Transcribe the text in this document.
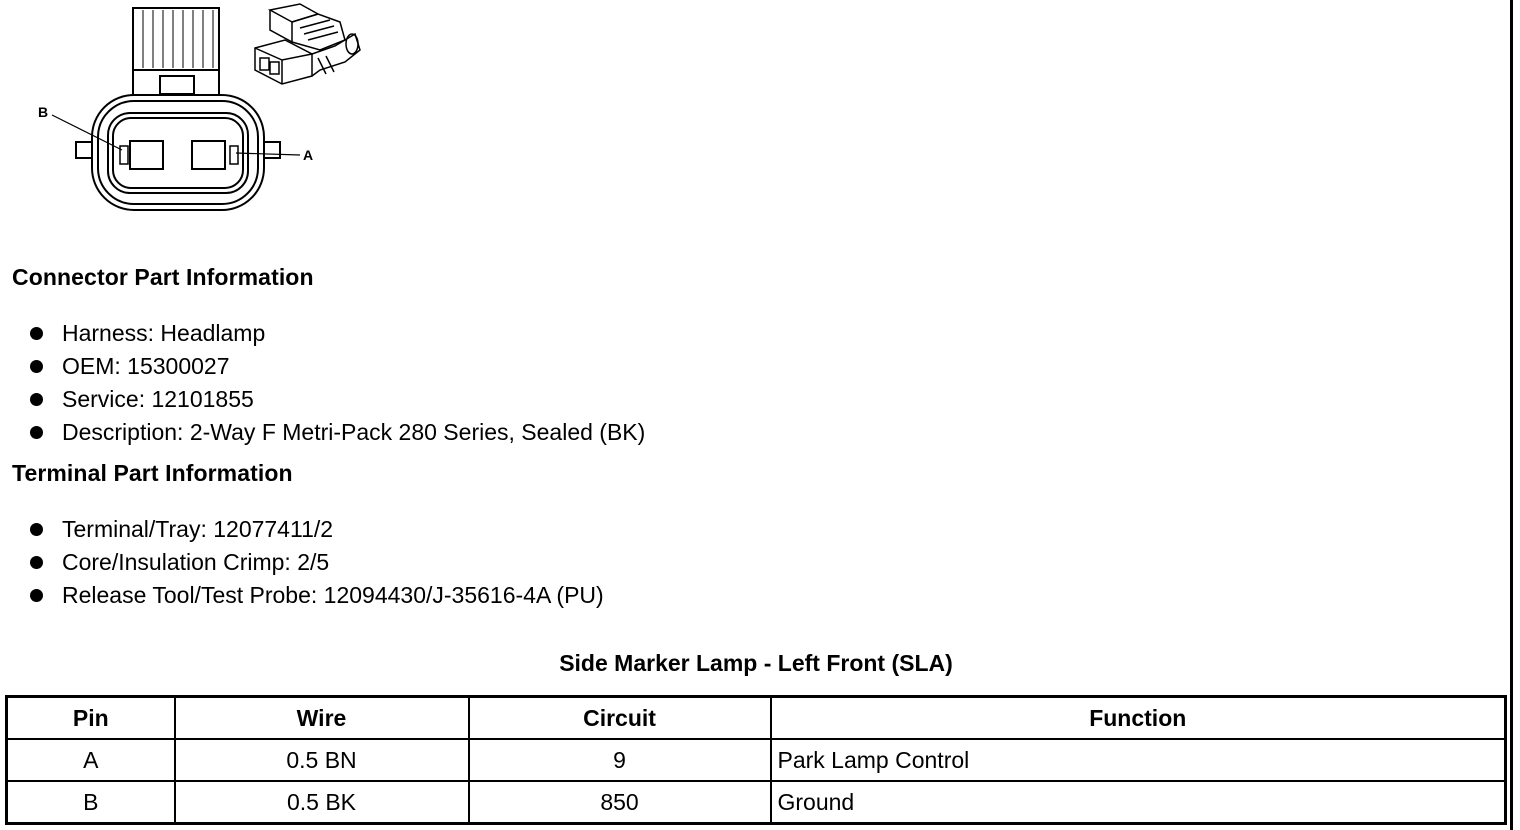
B
A
Connector Part Information
Harness: Headlamp
OEM: 15300027
Service: 12101855
Description: 2-Way F Metri-Pack 280 Series, Sealed (BK)
Terminal Part Information
Terminal/Tray: 12077411/2
Core/Insulation Crimp: 2/5
Release Tool/Test Probe: 12094430/J-35616-4A (PU)
Side Marker Lamp - Left Front (SLA)
Pin	Wire	Circuit	Function
A	0.5 BN	9	Park Lamp Control
B	0.5 BK	850	Ground
